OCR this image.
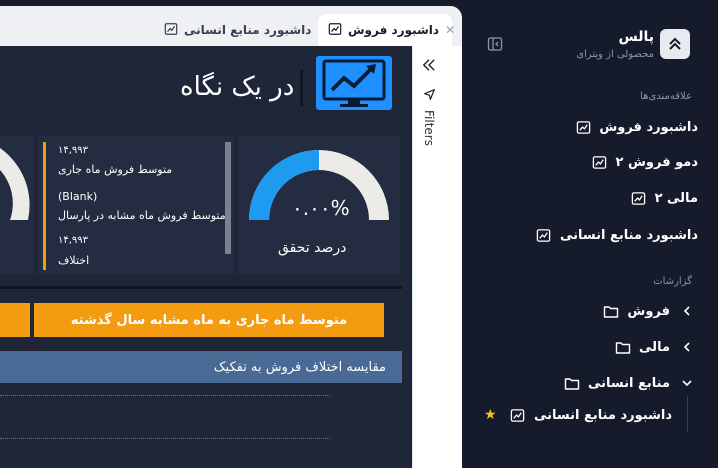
داشبورد منابع انسانی	داشبورد فروش ✕
Filters
در یک نگاه
۰.۰۰%
درصد تحقق
۱۴,۹۹۳
متوسط فروش ماه جاری
(Blank)
متوسط فروش ماه مشابه در پارسال
۱۴,۹۹۳
اختلاف
متوسط ماه جاری به ماه مشابه سال گذشته
مقایسه اختلاف فروش به تفکیک
پالس
محصولی از ویترای
علاقه‌مندی‌ها
داشبورد فروش
دمو فروش ۲
مالی ۲
داشبورد منابع انسانی
گزارشات
فروش
مالی
منابع انسانی
داشبورد منابع انسانی
★
